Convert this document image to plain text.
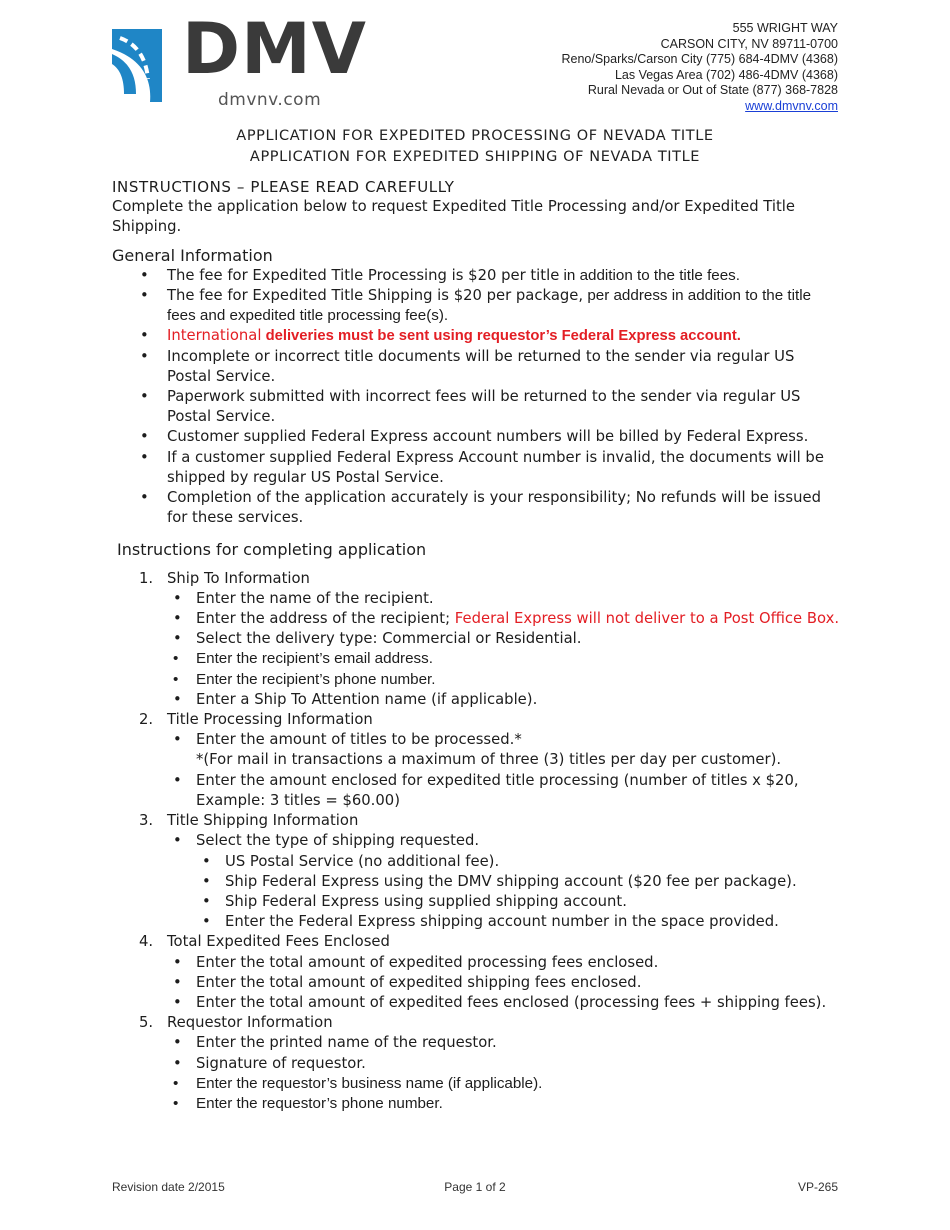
DMV
dmvnv.com
555 WRIGHT WAY
CARSON CITY, NV 89711-0700
Reno/Sparks/Carson City (775) 684-4DMV (4368)
Las Vegas Area (702) 486-4DMV (4368)
Rural Nevada or Out of State (877) 368-7828
www.dmvnv.com
APPLICATION FOR EXPEDITED PROCESSING OF NEVADA TITLE
APPLICATION FOR EXPEDITED SHIPPING OF NEVADA TITLE
INSTRUCTIONS – PLEASE READ CAREFULLY

Complete the application below to request Expedited Title Processing and/or Expedited Title Shipping.

General Information
• The fee for Expedited Title Processing is $20 per title in addition to the title fees.
• The fee for Expedited Title Shipping is $20 per package, per address in addition to the title fees and expedited title processing fee(s).
• International deliveries must be sent using requestor’s Federal Express account.
• Incomplete or incorrect title documents will be returned to the sender via regular US Postal Service.
• Paperwork submitted with incorrect fees will be returned to the sender via regular US Postal Service.
• Customer supplied Federal Express account numbers will be billed by Federal Express.
• If a customer supplied Federal Express Account number is invalid, the documents will be shipped by regular US Postal Service.
• Completion of the application accurately is your responsibility; No refunds will be issued for these services.
Instructions for completing application
1. Ship To Information
• Enter the name of the recipient.
• Enter the address of the recipient; Federal Express will not deliver to a Post Office Box.
• Select the delivery type: Commercial or Residential.
• Enter the recipient’s email address.
• Enter the recipient’s phone number.
• Enter a Ship To Attention name (if applicable).
2. Title Processing Information
• Enter the amount of titles to be processed.*
*(For mail in transactions a maximum of three (3) titles per day per customer).
• Enter the amount enclosed for expedited title processing (number of titles x $20, Example: 3 titles = $60.00)
3. Title Shipping Information
• Select the type of shipping requested.
• US Postal Service (no additional fee).
• Ship Federal Express using the DMV shipping account ($20 fee per package).
• Ship Federal Express using supplied shipping account.
• Enter the Federal Express shipping account number in the space provided.
4. Total Expedited Fees Enclosed
• Enter the total amount of expedited processing fees enclosed.
• Enter the total amount of expedited shipping fees enclosed.
• Enter the total amount of expedited fees enclosed (processing fees + shipping fees).
5. Requestor Information
• Enter the printed name of the requestor.
• Signature of requestor.
• Enter the requestor’s business name (if applicable).
• Enter the requestor’s phone number.
Revision date 2/2015	Page 1 of 2	VP-265
